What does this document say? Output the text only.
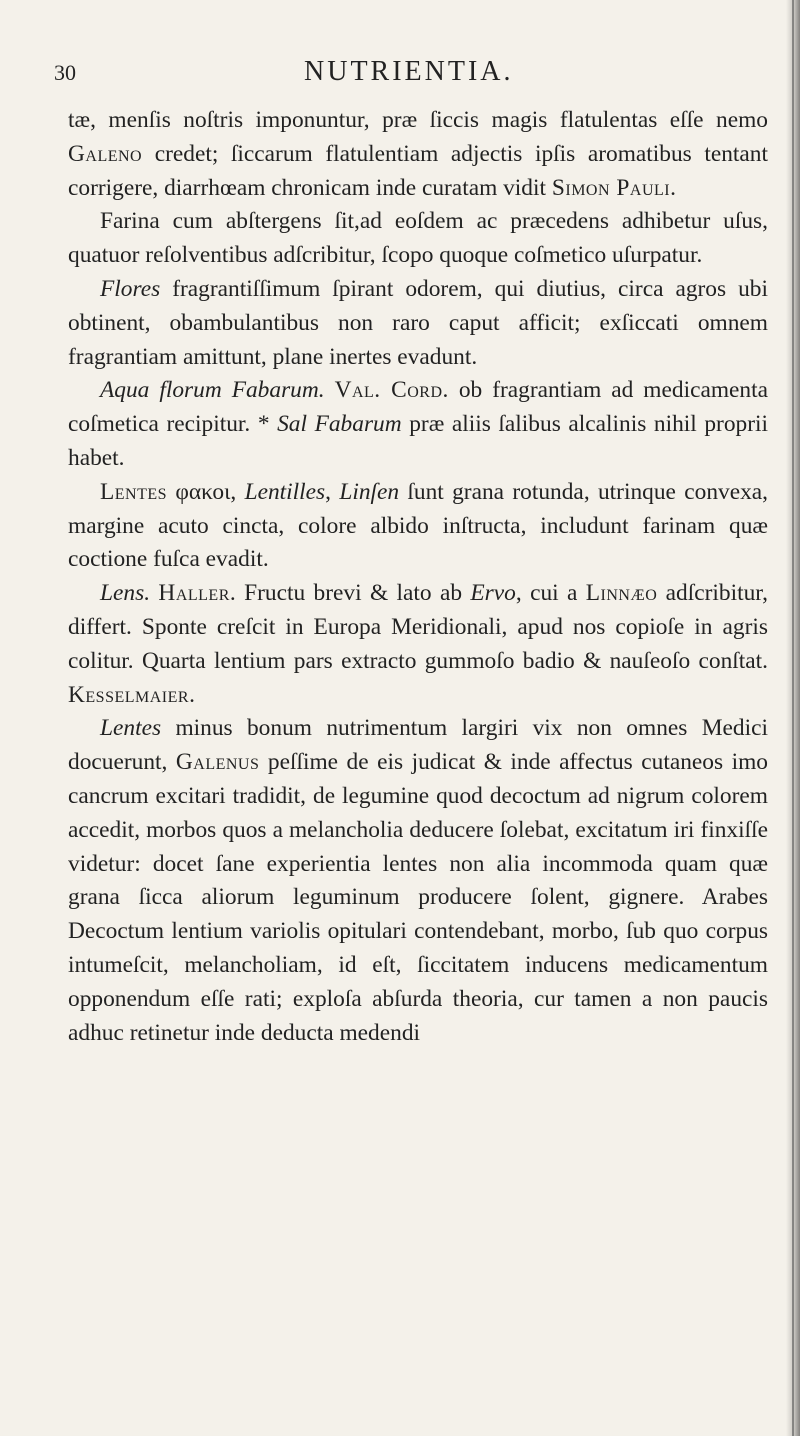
30	NUTRIENTIA.

tæ, menſis noſtris imponuntur, præ ſiccis magis flatulentas eſſe nemo Galeno credet; ſiccarum flatulentiam adjectis ipſis aromatibus tentant corrigere, diarrhœam chronicam inde curatam vidit Simon Pauli.

Farina cum abſtergens ſit,ad eoſdem ac præcedens adhibetur uſus, quatuor reſolventibus adſcribitur, ſcopo quoque coſmetico uſurpatur.

Flores fragrantiſſimum ſpirant odorem, qui diutius, circa agros ubi obtinent, obambulantibus non raro caput afficit; exſiccati omnem fragrantiam amittunt, plane inertes evadunt.

Aqua florum Fabarum. Val. Cord. ob fragrantiam ad medicamenta coſmetica recipitur. * Sal Fabarum præ aliis ſalibus alcalinis nihil proprii habet.

Lentes φακοι, Lentilles, Linſen ſunt grana rotunda, utrinque convexa, margine acuto cincta, colore albido inſtructa, includunt farinam quæ coctione fuſca evadit.

Lens. Haller. Fructu brevi & lato ab Ervo, cui a Linnæo adſcribitur, differt. Sponte creſcit in Europa Meridionali, apud nos copioſe in agris colitur. Quarta lentium pars extracto gummoſo badio & nauſeoſo conſtat. Kesselmaier.

Lentes minus bonum nutrimentum largiri vix non omnes Medici docuerunt, Galenus peſſime de eis judicat & inde affectus cutaneos imo cancrum excitari tradidit, de legumine quod decoctum ad nigrum colorem accedit, morbos quos a melancholia deducere ſolebat, excitatum iri finxiſſe videtur: docet ſane experientia lentes non alia incommoda quam quæ grana ſicca aliorum leguminum producere ſolent, gignere. Arabes Decoctum lentium variolis opitulari contendebant, morbo, ſub quo corpus intumeſcit, melancholiam, id eſt, ſiccitatem inducens medicamentum opponendum eſſe rati; exploſa abſurda theoria, cur tamen a non paucis adhuc retinetur inde deducta medendi
